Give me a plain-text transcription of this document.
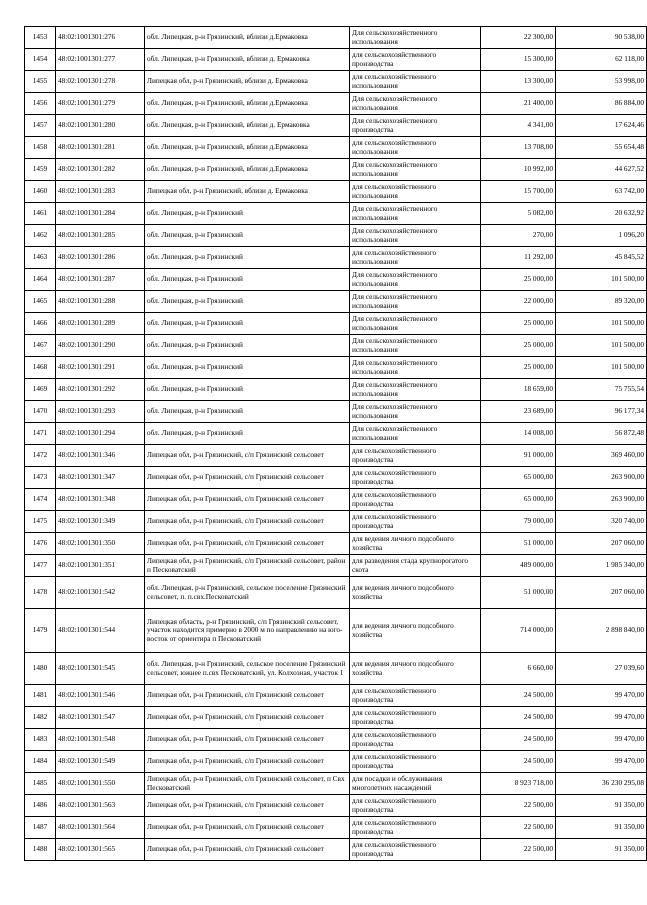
1453	48:02:1001301:276	обл. Липецкая, р-н Грязинский, вблизи д.Ермаковка	Для сельскохозяйственного использования	22 300,00	90 538,00
1454	48:02:1001301:277	обл. Липецкая, р-н Грязинский, вблизи д. Ермаковка	для сельскохозяйственного производства	15 300,00	62 118,00
1455	48:02:1001301:278	Липецкая обл, р-н Грязинский, вблизи д. Ермаковка	для сельскохозяйственного использования	13 300,00	53 998,00
1456	48:02:1001301:279	обл. Липецкая, р-н Грязинский, вблизи д.Ермаковка	Для сельскохозяйственного использования	21 400,00	86 884,00
1457	48:02:1001301:280	обл. Липецкая, р-н Грязинский, вблизи д. Ермаковка	Для сельскохозяйственного производства	4 341,00	17 624,46
1458	48:02:1001301:281	обл. Липецкая, р-н Грязинский, вблизи д.Ермаковка	для сельскохозяйственного использования	13 708,00	55 654,48
1459	48:02:1001301:282	обл. Липецкая, р-н Грязинский, вблизи д.Ермаковка	Для сельскохозяйственного использования	10 992,00	44 627,52
1460	48:02:1001301:283	Липецкая обл, р-н Грязинский, вблизи д. Ермаковка	для сельскохозяйственного использования	15 700,00	63 742,00
1461	48:02:1001301:284	обл. Липецкая, р-н Грязинский	Для сельскохозяйственного использования	5 082,00	20 632,92
1462	48:02:1001301:285	обл. Липецкая, р-н Грязинский	Для сельскохозяйственного использования	270,00	1 096,20
1463	48:02:1001301:286	обл. Липецкая, р-н Грязинский	для сельскохозяйственного использования	11 292,00	45 845,52
1464	48:02:1001301:287	обл. Липецкая, р-н Грязинский	Для сельскохозяйственного использования	25 000,00	101 500,00
1465	48:02:1001301:288	обл. Липецкая, р-н Грязинский	Для сельскохозяйственного использования	22 000,00	89 320,00
1466	48:02:1001301:289	обл. Липецкая, р-н Грязинский	Для сельскохозяйственного использования	25 000,00	101 500,00
1467	48:02:1001301:290	обл. Липецкая, р-н Грязинский	Для сельскохозяйственного использования	25 000,00	101 500,00
1468	48:02:1001301:291	обл. Липецкая, р-н Грязинский	Для сельскохозяйственного использования	25 000,00	101 500,00
1469	48:02:1001301:292	обл. Липецкая, р-н Грязинский	Для сельскохозяйственного использования	18 659,00	75 755,54
1470	48:02:1001301:293	обл. Липецкая, р-н Грязинский	Для сельскохозяйственного использования	23 689,00	96 177,34
1471	48:02:1001301:294	обл. Липецкая, р-н Грязинский	Для сельскохозяйственного использования	14 008,00	56 872,48
1472	48:02:1001301:346	Липецкая обл, р-н Грязинский, с/п Грязинский сельсовет	для сельскохозяйственного производства	91 000,00	369 460,00
1473	48:02:1001301:347	Липецкая обл, р-н Грязинский, с/п Грязинский сельсовет	для сельскохозяйственного производства	65 000,00	263 900,00
1474	48:02:1001301:348	Липецкая обл, р-н Грязинский, с/п Грязинский сельсовет	для сельскохозяйственного производства	65 000,00	263 900,00
1475	48:02:1001301:349	Липецкая обл, р-н Грязинский, с/п Грязинский сельсовет	для сельскохозяйственного производства	79 000,00	320 740,00
1476	48:02:1001301:350	Липецкая обл, р-н Грязинский, с/п Грязинский сельсовет	для ведения личного подсобного хозяйства	51 000,00	207 060,00
1477	48:02:1001301:351	Липецкая обл, р-н Грязинский, с/п Грязинский сельсовет, район п Песковатский	для разведения стада крупнорогатого скота	489 000,00	1 985 340,00
1478	48:02:1001301:542	обл. Липецкая, р-н Грязинский, сельское поселение Грязинский сельсовет, п. п.свх.Песковатский	для ведения личного подсобного хозяйства	51 000,00	207 060,00
1479	48:02:1001301:544	Липецкая область, р-н Грязинский, с/п Грязинский сельсовет, участок находится примерно в 2000 м по направлению на юго-восток от ориентира п Песковатский	для ведения личного подсобного хозяйства	714 000,00	2 898 840,00
1480	48:02:1001301:545	обл. Липецкая, р-н Грязинский, сельское поселение Грязинский сельсовет, южнее п.свх Песковатский, ул. Колхозная, участок 1	для ведения личного подсобного хозяйства	6 660,00	27 039,60
1481	48:02:1001301:546	Липецкая обл, р-н Грязинский, с/п Грязинский сельсовет	для сельскохозяйственного производства	24 500,00	99 470,00
1482	48:02:1001301:547	Липецкая обл, р-н Грязинский, с/п Грязинский сельсовет	для сельскохозяйственного производства	24 500,00	99 470,00
1483	48:02:1001301:548	Липецкая обл, р-н Грязинский, с/п Грязинский сельсовет	для сельскохозяйственного производства	24 500,00	99 470,00
1484	48:02:1001301:549	Липецкая обл, р-н Грязинский, с/п Грязинский сельсовет	для сельскохозяйственного производства	24 500,00	99 470,00
1485	48:02:1001301:550	Липецкая обл, р-н Грязинский, с/п Грязинский сельсовет, п Свх Песковатский	для посадки и обслуживания многолетних насаждений	8 923 718,00	36 230 295,08
1486	48:02:1001301:563	Липецкая обл, р-н Грязинский, с/п Грязинский сельсовет	для сельскохозяйственного производства	22 500,00	91 350,00
1487	48:02:1001301:564	Липецкая обл, р-н Грязинский, с/п Грязинский сельсовет	для сельскохозяйственного производства	22 500,00	91 350,00
1488	48:02:1001301:565	Липецкая обл, р-н Грязинский, с/п Грязинский сельсовет	для сельскохозяйственного производства	22 500,00	91 350,00
